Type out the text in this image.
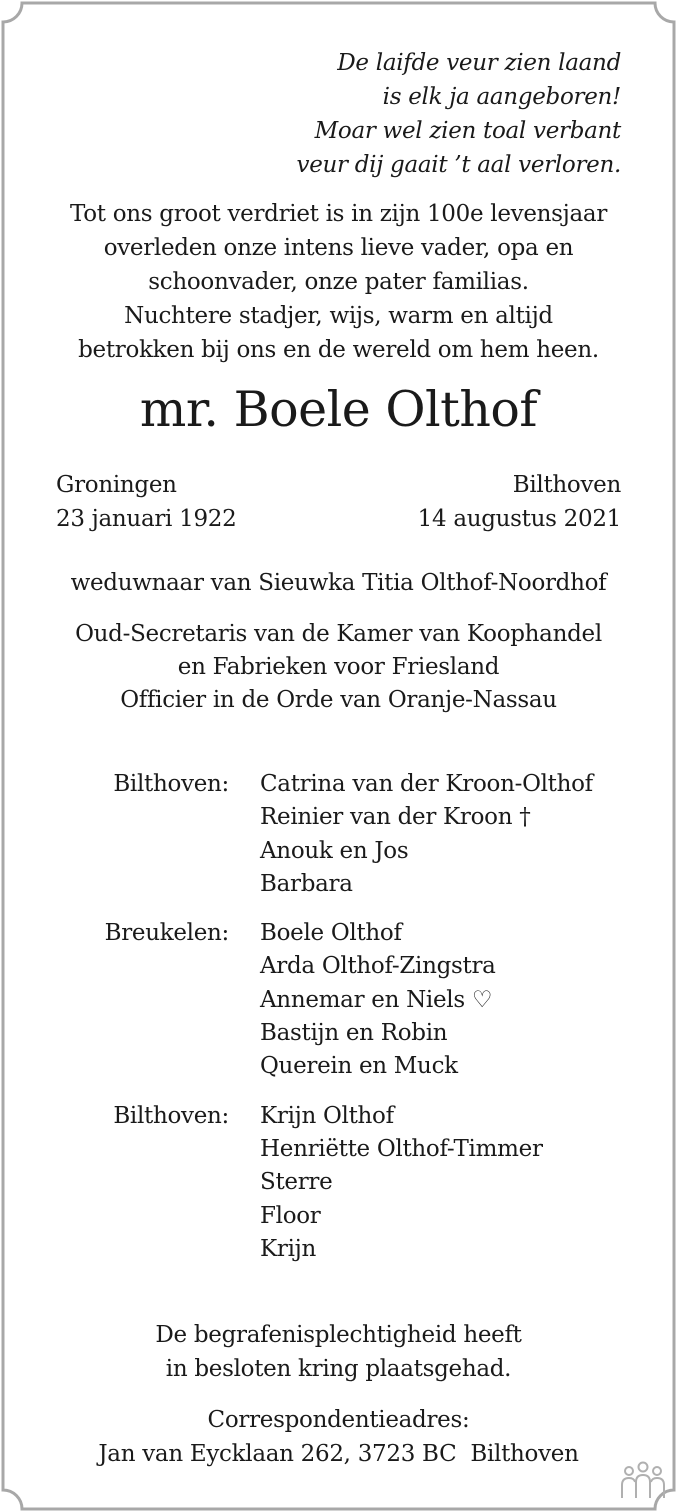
De laifde veur zien laand
is elk ja aangeboren!
Moar wel zien toal verbant
veur dij gaait ’t aal verloren.
Tot ons groot verdriet is in zijn 100e levensjaar
overleden onze intens lieve vader, opa en
schoonvader, onze pater familias.
Nuchtere stadjer, wijs, warm en altijd
betrokken bij ons en de wereld om hem heen.
mr. Boele Olthof
Groningen
23 januari 1922
Bilthoven
14 augustus 2021
weduwnaar van Sieuwka Titia Olthof-Noordhof
Oud-Secretaris van de Kamer van Koophandel
en Fabrieken voor Friesland
Officier in de Orde van Oranje-Nassau
Bilthoven: Catrina van der Kroon-Olthof
Reinier van der Kroon †
Anouk en Jos
Barbara
Breukelen: Boele Olthof
Arda Olthof-Zingstra
Annemar en Niels ♡
Bastijn en Robin
Querein en Muck
Bilthoven: Krijn Olthof
Henriëtte Olthof-Timmer
Sterre
Floor
Krijn
De begrafenisplechtigheid heeft
in besloten kring plaatsgehad.
Correspondentieadres:
Jan van Eycklaan 262, 3723 BC  Bilthoven
